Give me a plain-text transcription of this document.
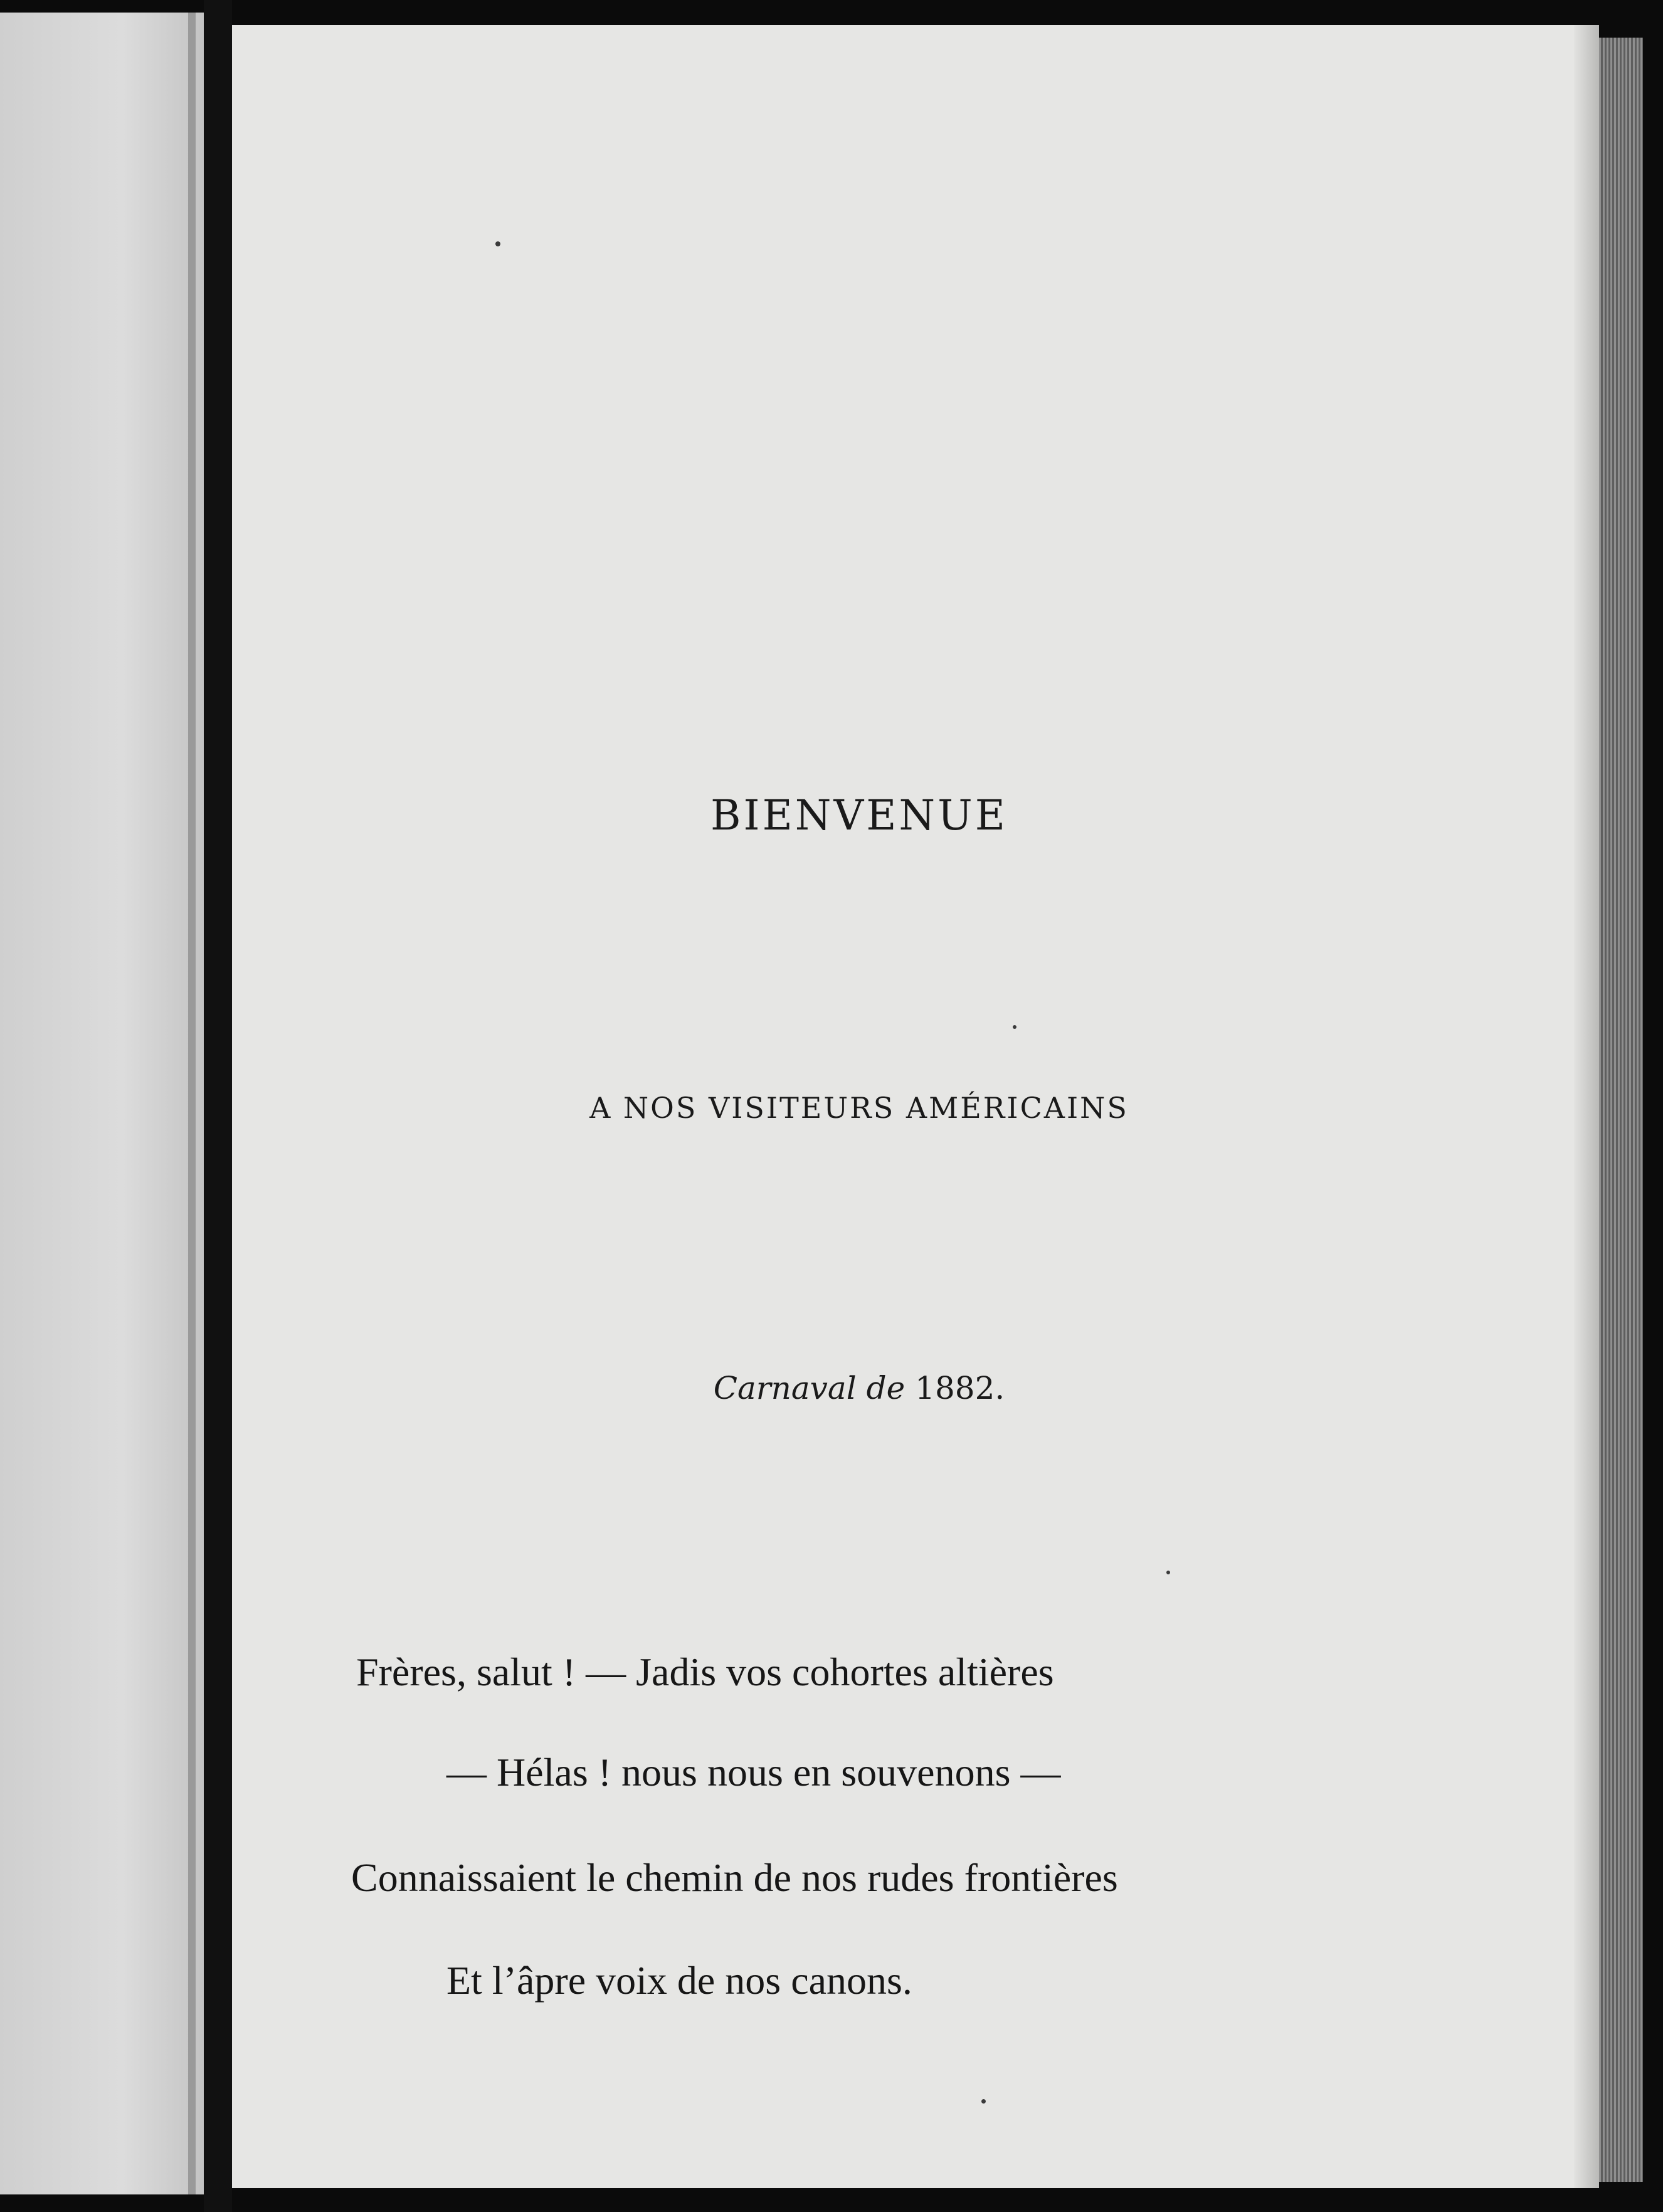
BIENVENUE
A NOS VISITEURS AMÉRICAINS
Carnaval de 1882.
Frères, salut ! — Jadis vos cohortes altières
— Hélas ! nous nous en souvenons —
Connaissaient le chemin de nos rudes frontières
Et l’âpre voix de nos canons.
